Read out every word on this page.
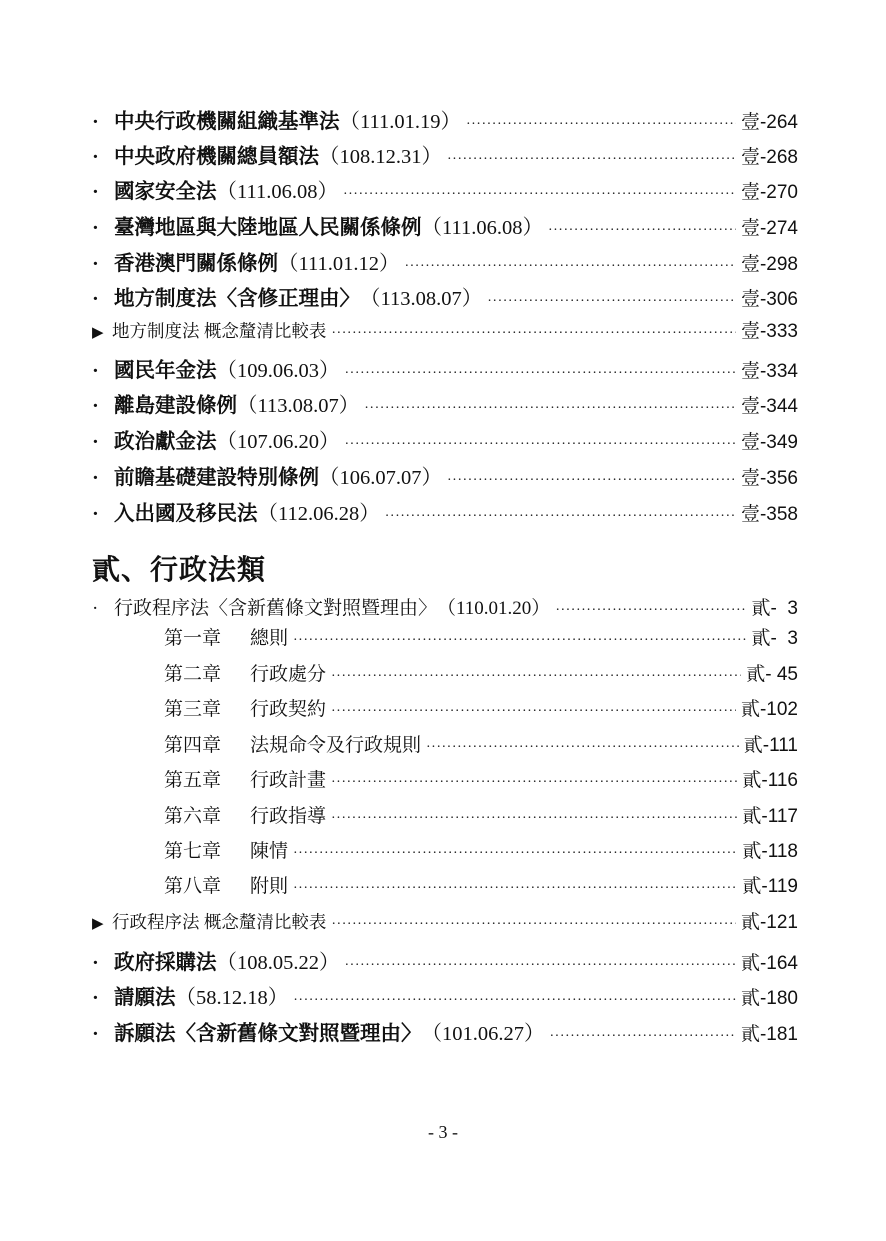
· 中央行政機關組織基準法 （111.01.19） ·····	壹-264
· 中央政府機關總員額法 （108.12.31） ·····	壹-268
· 國家安全法 （111.06.08） ·····	壹-270
· 臺灣地區與大陸地區人民關係條例 （111.06.08） ·····	壹-274
· 香港澳門關係條例 （111.01.12） ·····	壹-298
· 地方制度法〈含修正理由〉 （113.08.07） ·····	壹-306
▶ 地方制度法 概念釐清比較表 ·····	壹-333
· 國民年金法 （109.06.03） ·····	壹-334
· 離島建設條例 （113.08.07） ·····	壹-344
· 政治獻金法 （107.06.20） ·····	壹-349
· 前瞻基礎建設特別條例 （106.07.07） ·····	壹-356
· 入出國及移民法 （112.06.28） ·····	壹-358
貳、行政法類
· 行政程序法〈含新舊條文對照暨理由〉 （110.01.20） ·····	貳-  3
第一章	總則 ·····	貳-  3
第二章	行政處分 ·····	貳- 45
第三章	行政契約 ·····	貳-102
第四章	法規命令及行政規則 ·····	貳-111
第五章	行政計畫 ·····	貳-116
第六章	行政指導 ·····	貳-117
第七章	陳情 ·····	貳-118
第八章	附則 ·····	貳-119
▶ 行政程序法 概念釐清比較表 ·····	貳-121
· 政府採購法 （108.05.22） ·····	貳-164
· 請願法 （58.12.18） ·····	貳-180
· 訴願法〈含新舊條文對照暨理由〉 （101.06.27） ·····	貳-181
- 3 -
